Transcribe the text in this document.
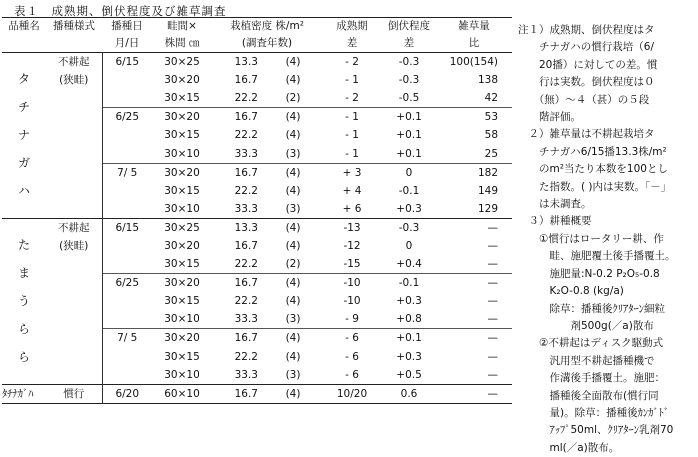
表１　成熟期、倒伏程度及び雑草調査
品種名	播種様式	播種日	畦間×	栽植密度 株/m²		成熟期	倒伏程度	雑草量
		月/日	株間 ㎝	(調査年数)		差	差	比

タ
チ
ナ
ガ
ハ	不耕起	6/15	30×25	13.3	(4)	- 2	-0.3	100(154)
	(狭畦)		30×20	16.7	(4)	- 1	-0.3	138
			30×15	22.2	(2)	- 2	-0.5	42
		6/25	30×20	16.7	(4)	- 1	+0.1	53
			30×15	22.2	(4)	- 1	+0.1	58
			30×10	33.3	(3)	- 1	+0.1	25
		7/ 5	30×20	16.7	(4)	+ 3	0	182
			30×15	22.2	(4)	+ 4	-0.1	149
			30×10	33.3	(3)	+ 6	+0.3	129

た
ま
う
ら
ら	不耕起	6/15	30×25	13.3	(4)	-13	-0.3	—
	(狭畦)		30×20	16.7	(4)	-12	0	—
			30×15	22.2	(2)	-15	+0.4	—
		6/25	30×20	16.7	(4)	-10	-0.1	—
			30×15	22.2	(4)	-10	+0.3	—
			30×10	33.3	(3)	- 9	+0.8	—
		7/ 5	30×20	16.7	(4)	- 6	+0.1	—
			30×15	22.2	(4)	- 6	+0.3	—
			30×10	33.3	(3)	- 6	+0.5	—
ﾀﾁﾅｶﾞﾊ	慣行	6/20	60×10	16.7	(4)	10/20	0.6	—
注１）成熟期、倒伏程度はタ
　　チナガハの慣行栽培（6/
　　20播）に対しての差。慣
　　行は実数。倒伏程度は０
　　（無）～４（甚）の５段
　　階評価。
　２）雑草量は不耕起栽培タ
　　チナガハ6/15播13.3株/m²
　　のm²当たり本数を100とし
　　た指数。( )内は実数。「－」
　　は未調査。
　３）耕種概要
　　①慣行はロータリー耕、作
　　　畦、施肥覆土後手播覆土。
　　　施肥量:N-0.2 P₂O₅-0.8
　　　K₂O-0.8 (kg/a)
　　　除草：播種後ｸﾘｱﾀｰﾝ細粒
　　　　　剤500g(／a)散布
　　②不耕起はディスク駆動式
　　　汎用型不耕起播種機で
　　　作溝後手播覆土。施肥：
　　　播種後全面散布(慣行同
　　　量)。除草：播種後ｶﾝｶﾞﾄﾞ
　　　ｱｯﾌﾟ50ml、ｸﾘｱﾀｰﾝ乳剤70
　　　ml(／a)散布。
